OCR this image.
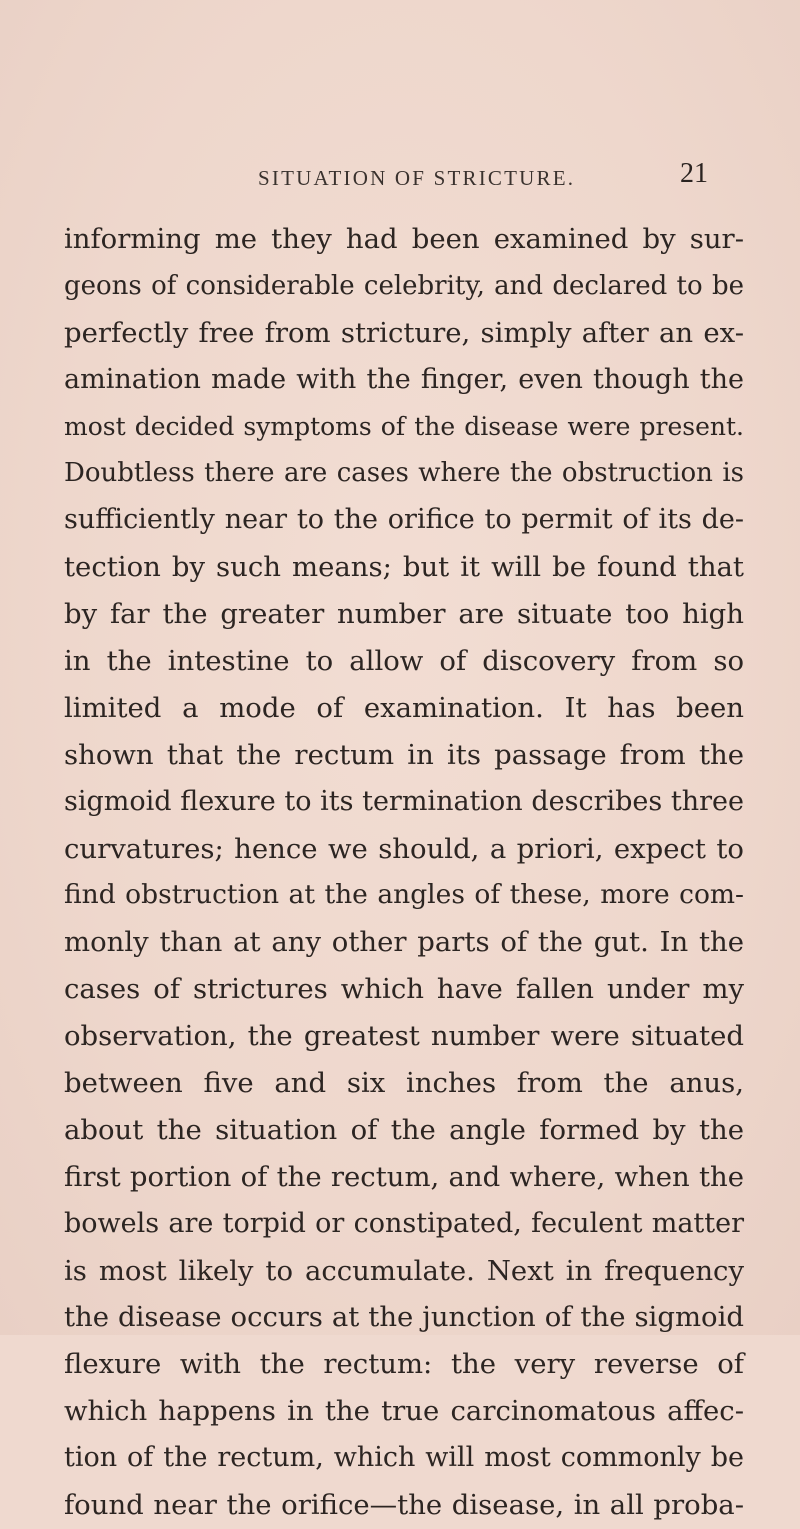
SITUATION OF STRICTURE.	21
informing me they had been examined by sur-
geons of considerable celebrity, and declared to be
perfectly free from stricture, simply after an ex-
amination made with the finger, even though the
most decided symptoms of the disease were present.
Doubtless there are cases where the obstruction is
sufficiently near to the orifice to permit of its de-
tection by such means; but it will be found that
by far the greater number are situate too high
in the intestine to allow of discovery from so
limited a mode of examination. It has been
shown that the rectum in its passage from the
sigmoid flexure to its termination describes three
curvatures; hence we should, a priori, expect to
find obstruction at the angles of these, more com-
monly than at any other parts of the gut. In the
cases of strictures which have fallen under my
observation, the greatest number were situated
between five and six inches from the anus,
about the situation of the angle formed by the
first portion of the rectum, and where, when the
bowels are torpid or constipated, feculent matter
is most likely to accumulate. Next in frequency
the disease occurs at the junction of the sigmoid
flexure with the rectum: the very reverse of
which happens in the true carcinomatous affec-
tion of the rectum, which will most commonly be
found near the orifice—the disease, in all proba-
